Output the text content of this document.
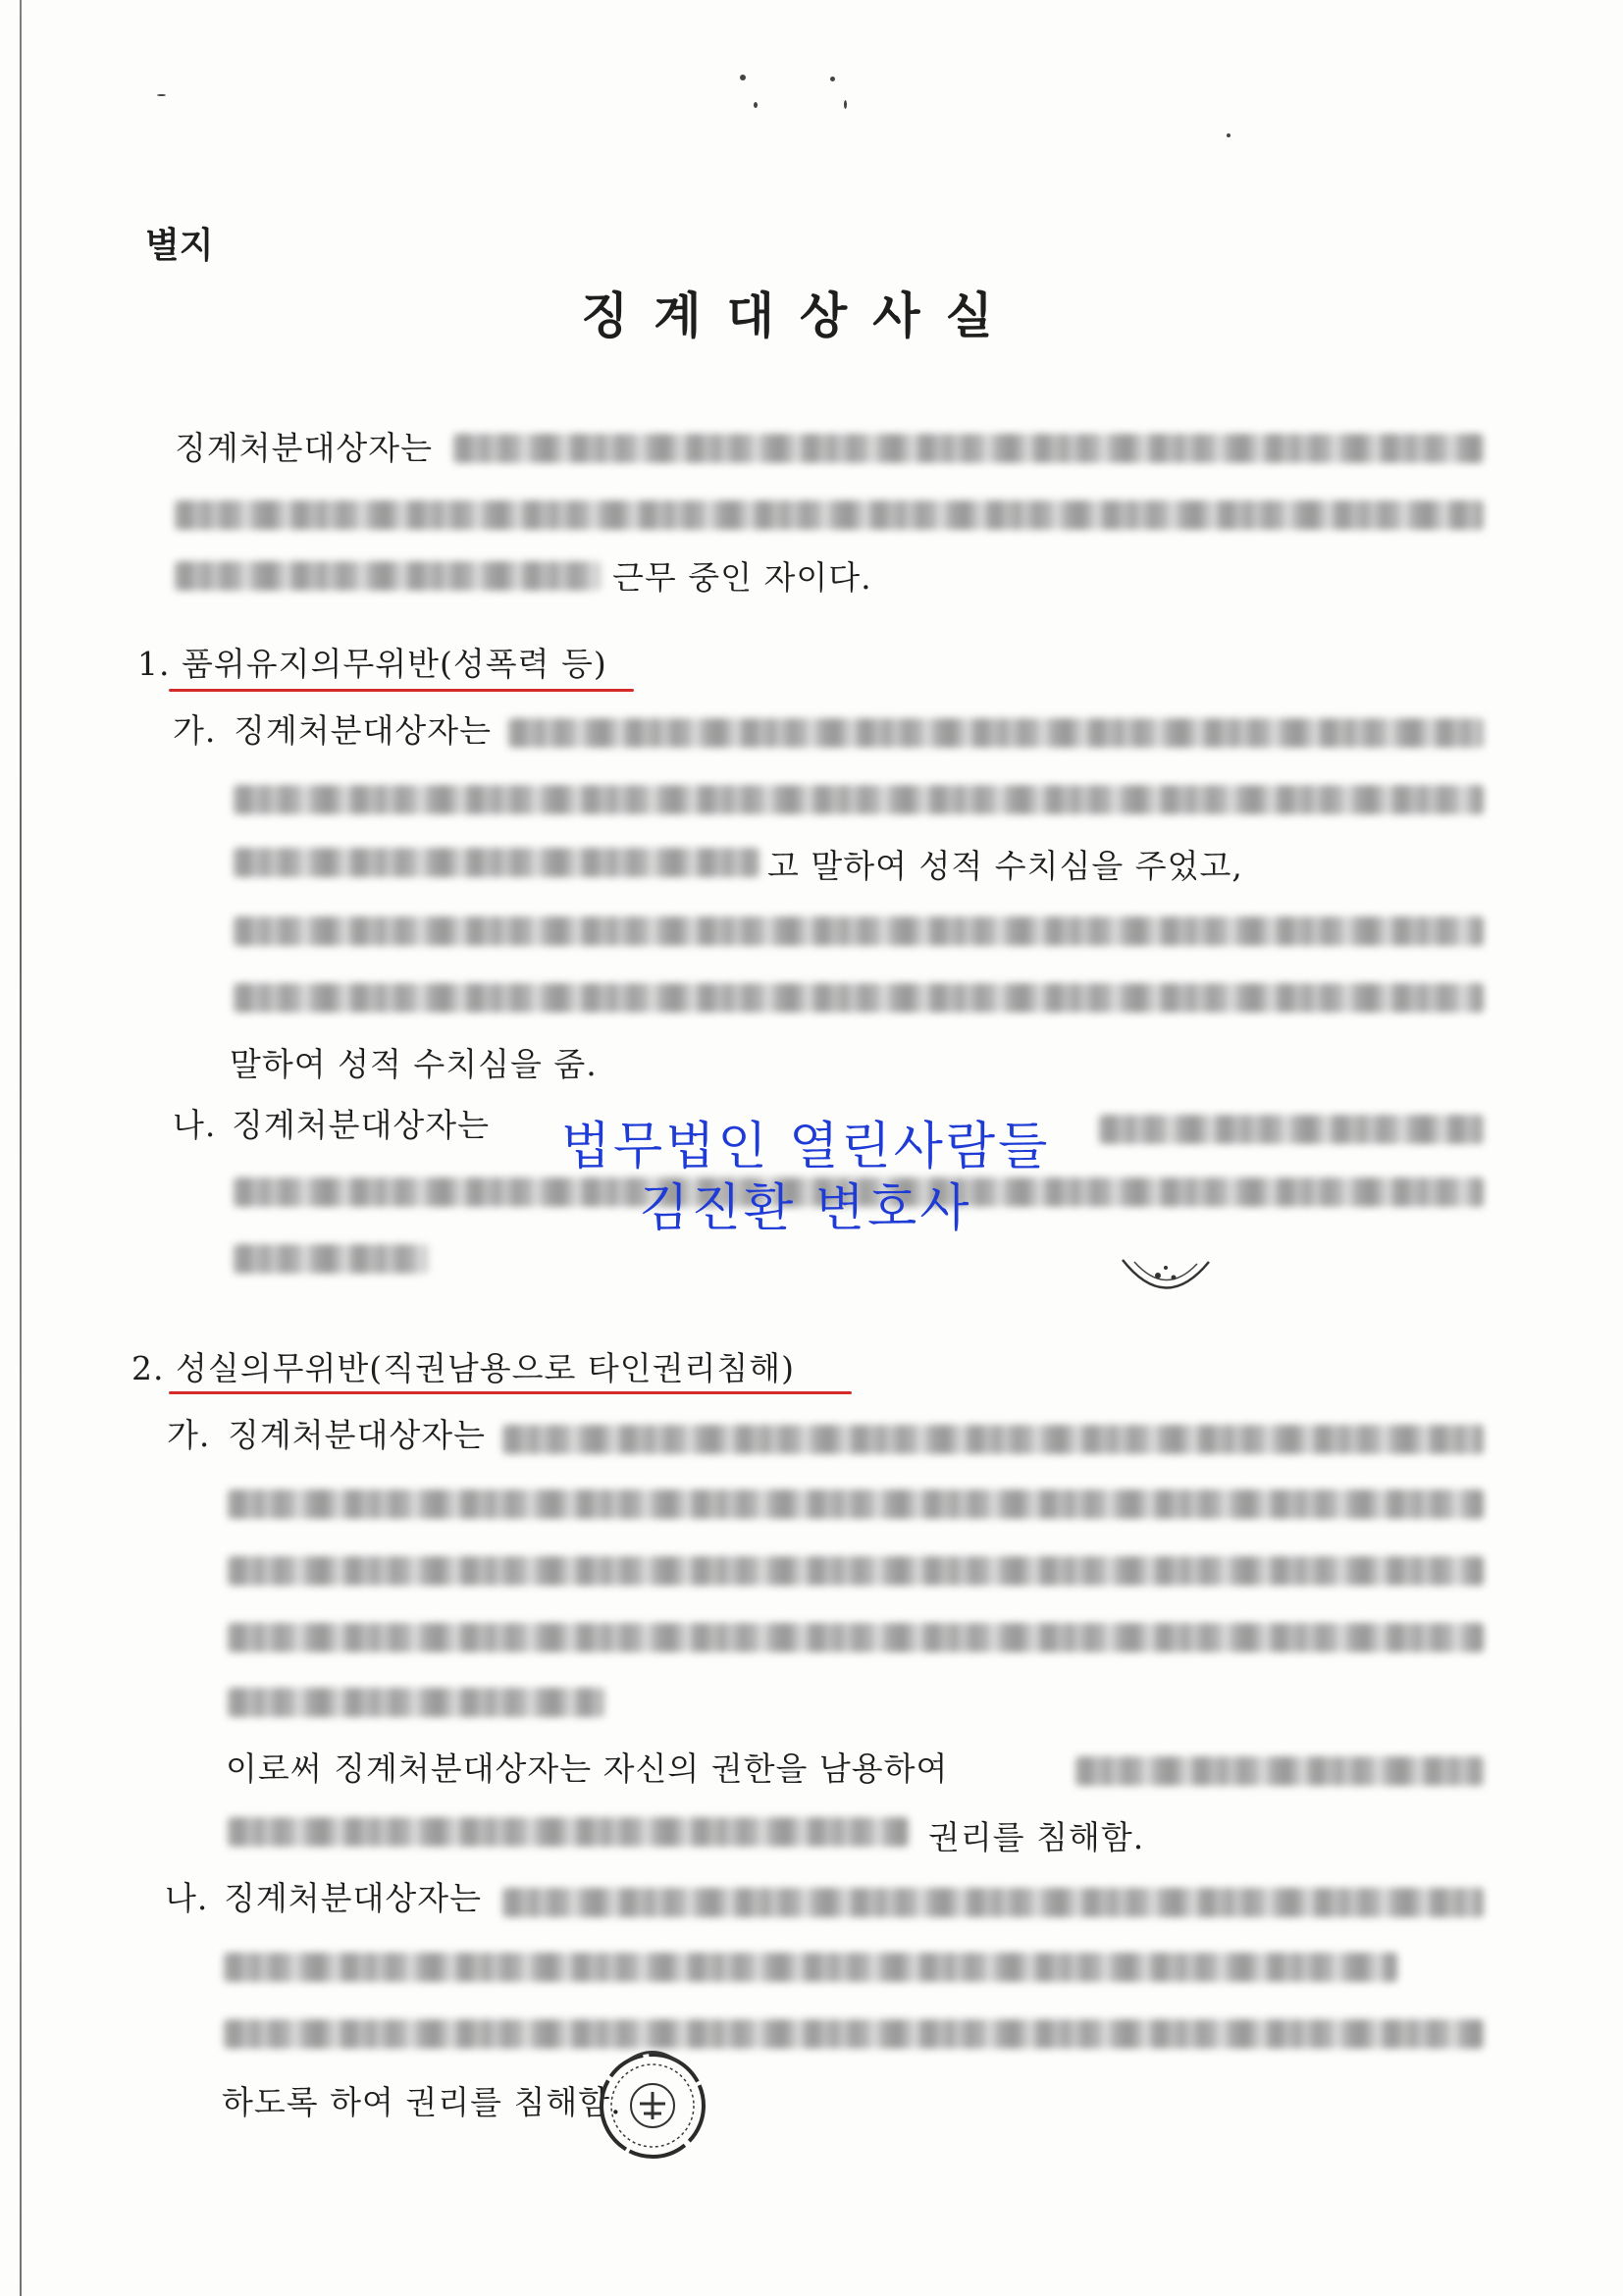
별지
징계대상사실
징계처분대상자는
근무 중인 자이다.
1. 품위유지의무위반(성폭력 등)
가. 징계처분대상자는
고 말하여 성적 수치심을 주었고,
말하여 성적 수치심을 줌.
나. 징계처분대상자는	법무법인 열린사람들
김진환 변호사
2. 성실의무위반(직권남용으로 타인권리침해)
가. 징계처분대상자는
이로써 징계처분대상자는 자신의 권한을 남용하여
권리를 침해함.
나. 징계처분대상자는
하도록 하여 권리를 침해함.
